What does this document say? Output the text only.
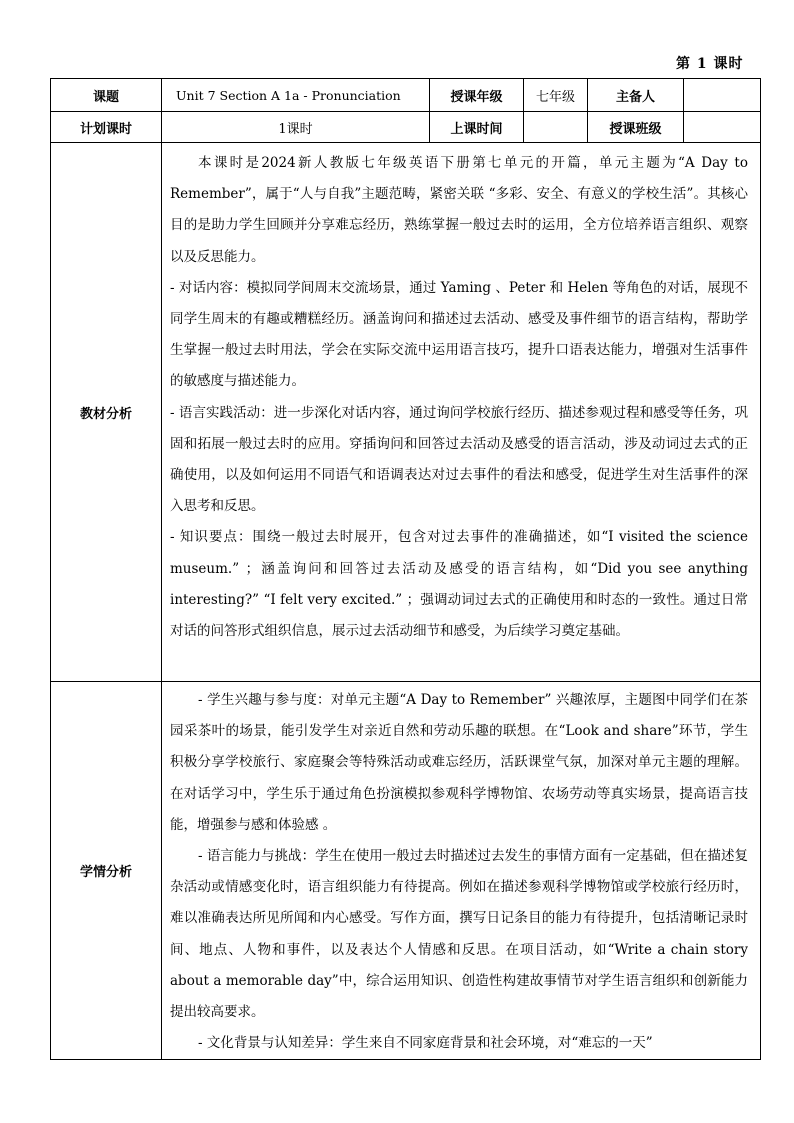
第 1 课时
课题	Unit 7 Section A 1a - Pronunciation	授课年级	七年级	主备人	
计划课时	1课时	上课时间		授课班级	
教材分析	本课时是2024新人教版七年级英语下册第七单元的开篇，单元主题为“A Day to Remember”，属于“人与自我”主题范畴，紧密关联 “多彩、安全、有意义的学校生活”。其核心目的是助力学生回顾并分享难忘经历，熟练掌握一般过去时的运用，全方位培养语言组织、观察以及反思能力。

- 对话内容：模拟同学间周末交流场景，通过 Yaming 、Peter 和 Helen 等角色的对话，展现不同学生周末的有趣或糟糕经历。涵盖询问和描述过去活动、感受及事件细节的语言结构，帮助学生掌握一般过去时用法，学会在实际交流中运用语言技巧，提升口语表达能力，增强对生活事件的敏感度与描述能力。

- 语言实践活动：进一步深化对话内容，通过询问学校旅行经历、描述参观过程和感受等任务，巩固和拓展一般过去时的应用。穿插询问和回答过去活动及感受的语言活动，涉及动词过去式的正确使用，以及如何运用不同语气和语调表达对过去事件的看法和感受，促进学生对生活事件的深入思考和反思。

- 知识要点：围绕一般过去时展开，包含对过去事件的准确描述，如“I visited the science museum.” ；涵盖询问和回答过去活动及感受的语言结构，如“Did you see anything interesting?” “I felt very excited.” ；强调动词过去式的正确使用和时态的一致性。通过日常对话的问答形式组织信息，展示过去活动细节和感受，为后续学习奠定基础。				

学情分析	- 学生兴趣与参与度：对单元主题“A Day to Remember” 兴趣浓厚，主题图中同学们在茶园采茶叶的场景，能引发学生对亲近自然和劳动乐趣的联想。在“Look and share”环节，学生积极分享学校旅行、家庭聚会等特殊活动或难忘经历，活跃课堂气氛，加深对单元主题的理解。在对话学习中，学生乐于通过角色扮演模拟参观科学博物馆、农场劳动等真实场景，提高语言技能，增强参与感和体验感 。

- 语言能力与挑战：学生在使用一般过去时描述过去发生的事情方面有一定基础，但在描述复杂活动或情感变化时，语言组织能力有待提高。例如在描述参观科学博物馆或学校旅行经历时，难以准确表达所见所闻和内心感受。写作方面，撰写日记条目的能力有待提升，包括清晰记录时间、地点、人物和事件，以及表达个人情感和反思。在项目活动，如“Write a chain story about a memorable day”中，综合运用知识、创造性构建故事情节对学生语言组织和创新能力提出较高要求。

- 文化背景与认知差异：学生来自不同家庭背景和社会环境，对“难忘的一天”				
